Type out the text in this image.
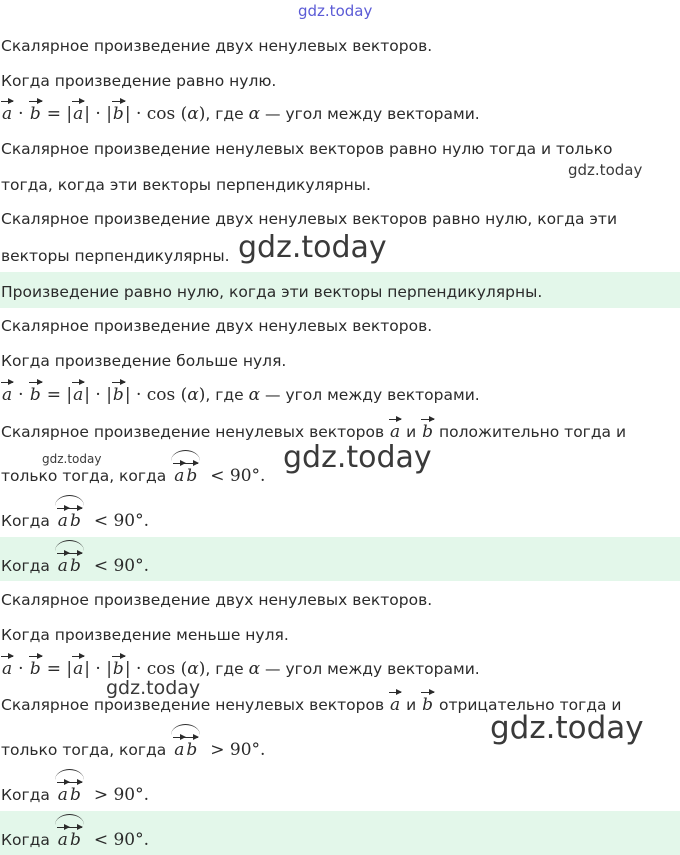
gdz.today
gdz.today
gdz.today
gdz.today	gdz.today
gdz.today
gdz.today
Скалярное произведение двух ненулевых векторов.
Когда произведение равно нулю.
a · b = |a| · |b| · cos (α), где α — угол между векторами.
Скалярное произведение ненулевых векторов равно нулю тогда и только
тогда, когда эти векторы перпендикулярны.
Скалярное произведение двух ненулевых векторов равно нулю, когда эти
векторы перпендикулярны.
Произведение равно нулю, когда эти векторы перпендикулярны.
Скалярное произведение двух ненулевых векторов.
Когда произведение больше нуля.
a · b = |a| · |b| · cos (α), где α — угол между векторами.
Скалярное произведение ненулевых векторов a и b положительно тогда и
только тогда, когда a b < 90°.
Когда a b < 90°.
Когда a b < 90°.
Скалярное произведение двух ненулевых векторов.
Когда произведение меньше нуля.
a · b = |a| · |b| · cos (α), где α — угол между векторами.
Скалярное произведение ненулевых векторов a и b отрицательно тогда и
только тогда, когда a b > 90°.
Когда a b > 90°.
Когда a b < 90°.
